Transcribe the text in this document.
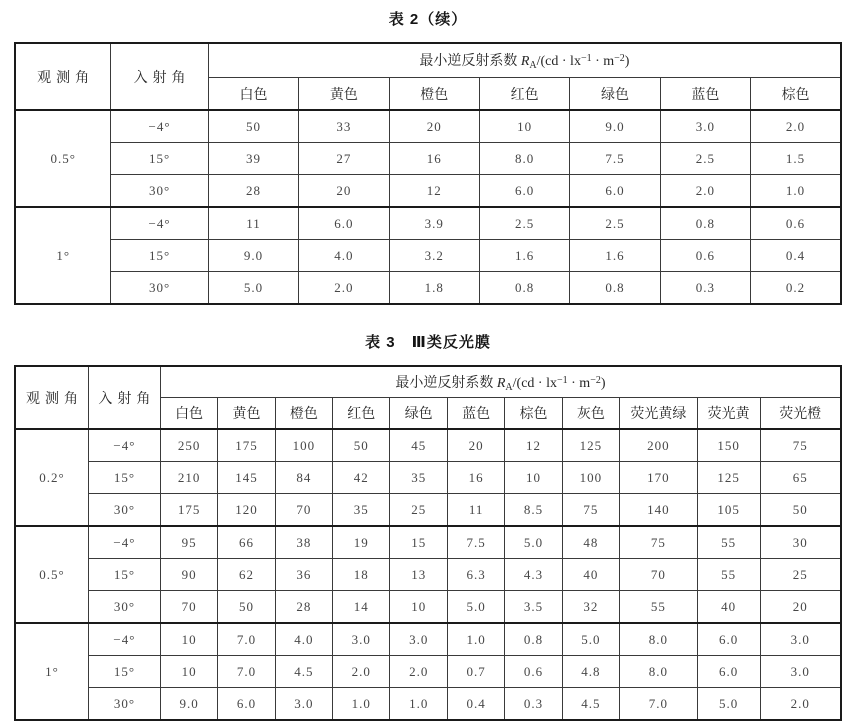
表 2（续）
观测角	入射角	最小逆反射系数 $R_A/(cd \cdot lx^{-1} \cdot m^{-2})$						
		白色	黄色	橙色	红色	绿色	蓝色	棕色
0.5°	−4°	50	33	20	10	9.0	3.0	2.0
	15°	39	27	16	8.0	7.5	2.5	1.5
	30°	28	20	12	6.0	6.0	2.0	1.0
1°	−4°	11	6.0	3.9	2.5	2.5	0.8	0.6
	15°	9.0	4.0	3.2	1.6	1.6	0.6	0.4
	30°	5.0	2.0	1.8	0.8	0.8	0.3	0.2
表 3　Ⅲ类反光膜
观测角	入射角	最小逆反射系数 $R_A/(cd \cdot lx^{-1} \cdot m^{-2})$										
		白色	黄色	橙色	红色	绿色	蓝色	棕色	灰色	荧光黄绿	荧光黄	荧光橙
0.2°	−4°	250	175	100	50	45	20	12	125	200	150	75
	15°	210	145	84	42	35	16	10	100	170	125	65
	30°	175	120	70	35	25	11	8.5	75	140	105	50
0.5°	−4°	95	66	38	19	15	7.5	5.0	48	75	55	30
	15°	90	62	36	18	13	6.3	4.3	40	70	55	25
	30°	70	50	28	14	10	5.0	3.5	32	55	40	20
1°	−4°	10	7.0	4.0	3.0	3.0	1.0	0.8	5.0	8.0	6.0	3.0
	15°	10	7.0	4.5	2.0	2.0	0.7	0.6	4.8	8.0	6.0	3.0
	30°	9.0	6.0	3.0	1.0	1.0	0.4	0.3	4.5	7.0	5.0	2.0
